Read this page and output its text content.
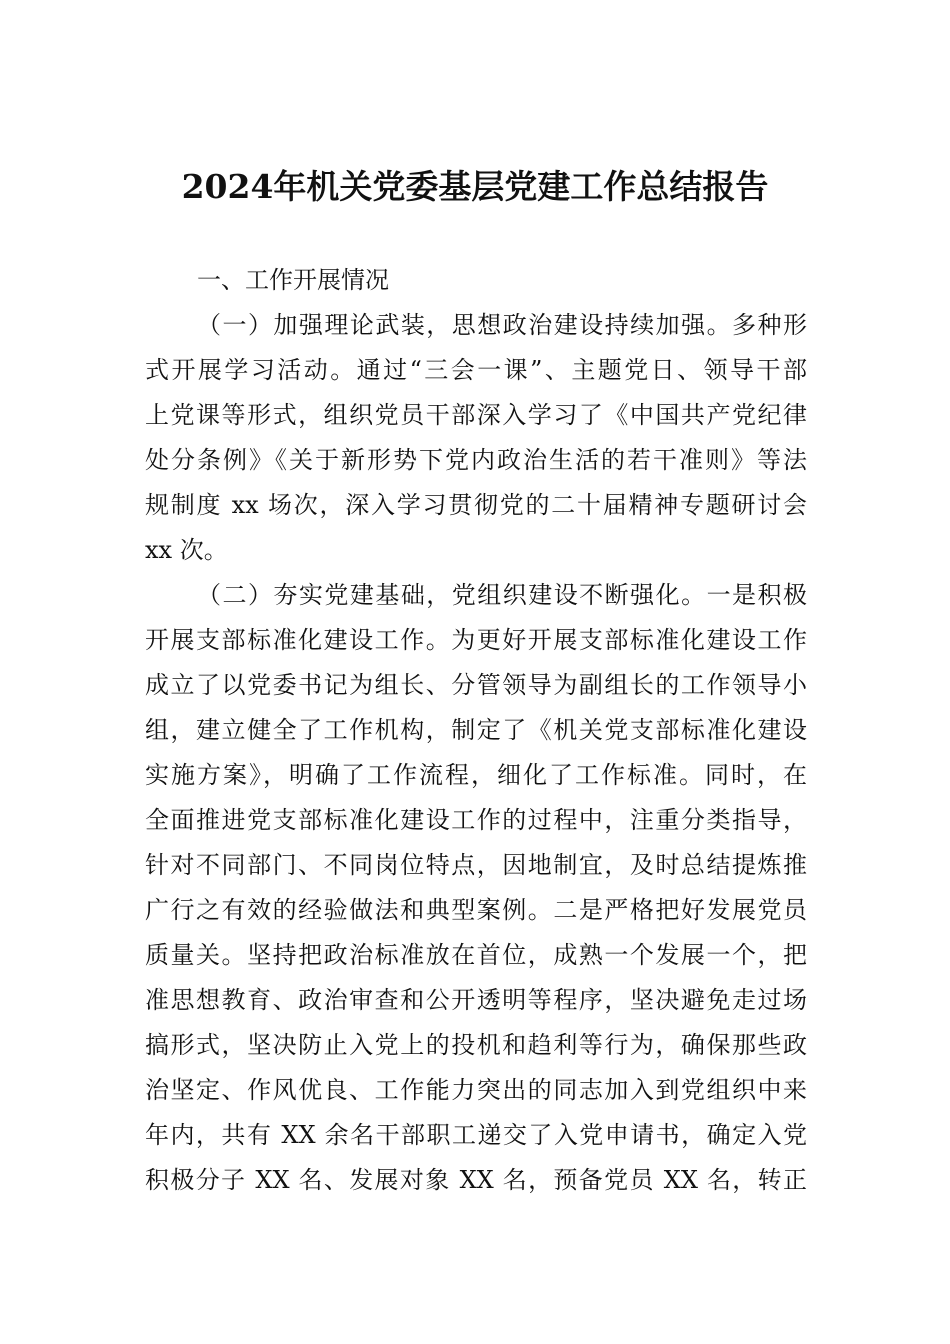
2024年机关党委基层党建工作总结报告
一、工作开展情况
（一）加强理论武装，思想政治建设持续加强。多种形
式开展学习活动。通过“三会一课”、主题党日、领导干部
上党课等形式，组织党员干部深入学习了《中国共产党纪律
处分条例》《关于新形势下党内政治生活的若干准则》等法
规制度 xx 场次，深入学习贯彻党的二十届精神专题研讨会
xx 次。
（二）夯实党建基础，党组织建设不断强化。一是积极
开展支部标准化建设工作。为更好开展支部标准化建设工作
成立了以党委书记为组长、分管领导为副组长的工作领导小
组，建立健全了工作机构，制定了《机关党支部标准化建设
实施方案》，明确了工作流程，细化了工作标准。同时，在
全面推进党支部标准化建设工作的过程中，注重分类指导，
针对不同部门、不同岗位特点，因地制宜，及时总结提炼推
广行之有效的经验做法和典型案例。二是严格把好发展党员
质量关。坚持把政治标准放在首位，成熟一个发展一个，把
准思想教育、政治审查和公开透明等程序，坚决避免走过场
搞形式，坚决防止入党上的投机和趋利等行为，确保那些政
治坚定、作风优良、工作能力突出的同志加入到党组织中来
年内，共有 XX 余名干部职工递交了入党申请书，确定入党
积极分子 XX 名、发展对象 XX 名，预备党员 XX 名，转正
